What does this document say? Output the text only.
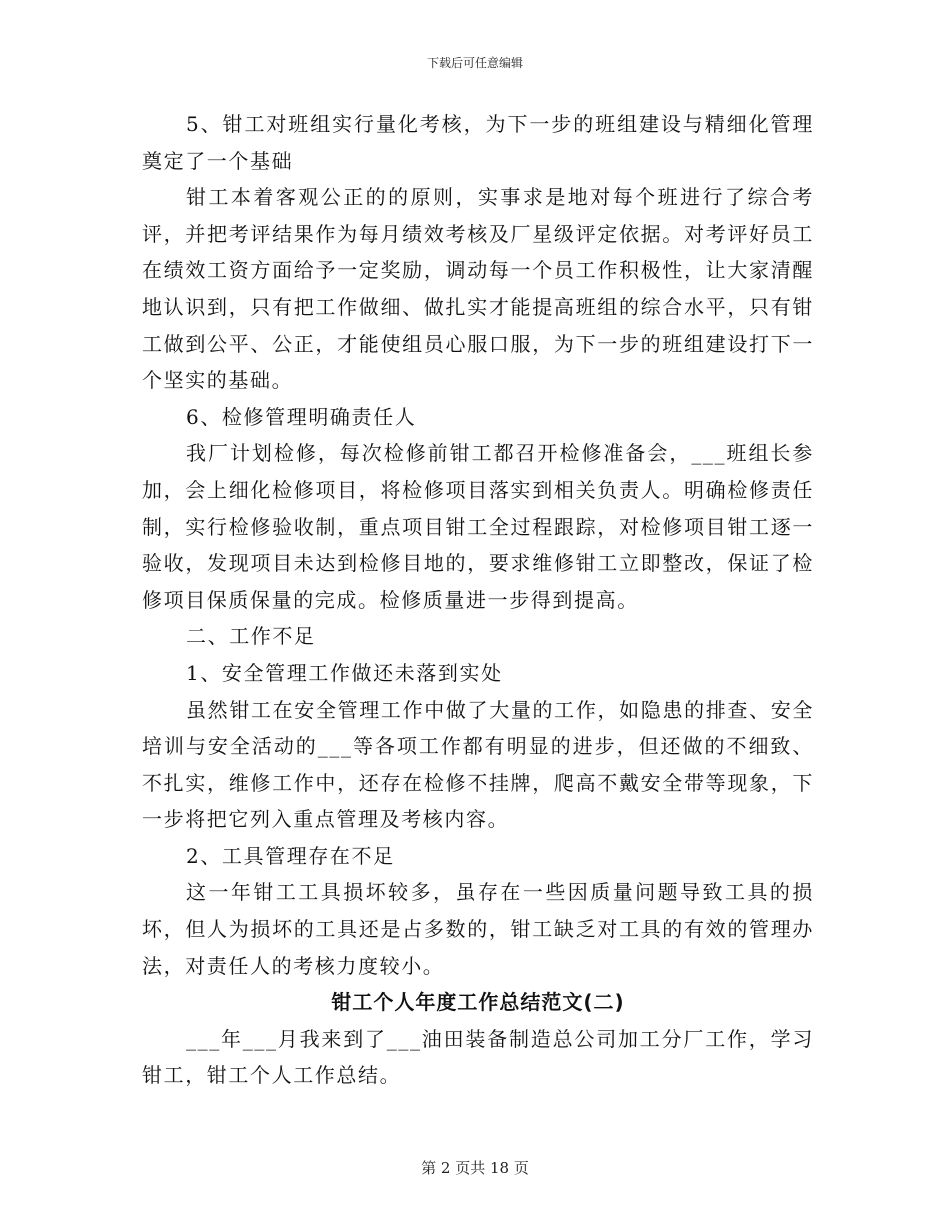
下载后可任意编辑

5、钳工对班组实行量化考核，为下一步的班组建设与精细化管理奠定了一个基础

钳工本着客观公正的的原则，实事求是地对每个班进行了综合考评，并把考评结果作为每月绩效考核及厂星级评定依据。对考评好员工在绩效工资方面给予一定奖励，调动每一个员工作积极性，让大家清醒地认识到，只有把工作做细、做扎实才能提高班组的综合水平，只有钳工做到公平、公正，才能使组员心服口服，为下一步的班组建设打下一个坚实的基础。

6、检修管理明确责任人

我厂计划检修，每次检修前钳工都召开检修准备会，___班组长参加，会上细化检修项目，将检修项目落实到相关负责人。明确检修责任制，实行检修验收制，重点项目钳工全过程跟踪，对检修项目钳工逐一验收，发现项目未达到检修目地的，要求维修钳工立即整改，保证了检修项目保质保量的完成。检修质量进一步得到提高。

二、工作不足

1、安全管理工作做还未落到实处

虽然钳工在安全管理工作中做了大量的工作，如隐患的排查、安全培训与安全活动的___等各项工作都有明显的进步，但还做的不细致、不扎实，维修工作中，还存在检修不挂牌，爬高不戴安全带等现象，下一步将把它列入重点管理及考核内容。

2、工具管理存在不足

这一年钳工工具损坏较多，虽存在一些因质量问题导致工具的损坏，但人为损坏的工具还是占多数的，钳工缺乏对工具的有效的管理办法，对责任人的考核力度较小。

钳工个人年度工作总结范文(二)

___年___月我来到了___油田装备制造总公司加工分厂工作，学习钳工，钳工个人工作总结。

第 2 页共 18 页
